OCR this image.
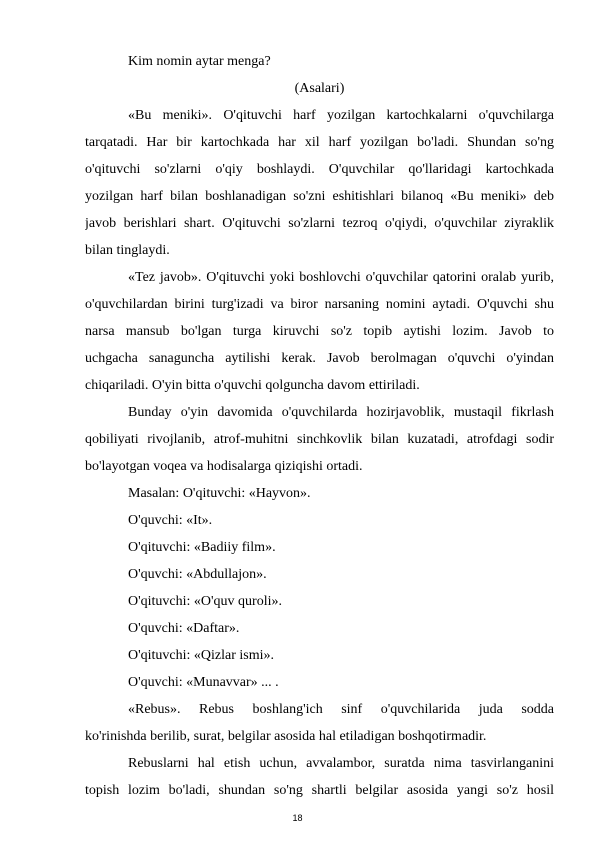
Kim nomin aytar menga?
(Asalari)
«Bu meniki». O'qituvchi harf yozilgan kartochkalarni o'quvchilarga
tarqatadi. Har bir kartochkada har xil harf yozilgan bo'ladi. Shundan so'ng
o'qituvchi so'zlarni o'qiy boshlaydi. O'quvchilar qo'llaridagi kartochkada
yozilgan harf bilan boshlanadigan so'zni eshitishlari bilanoq «Bu meniki» deb
javob berishlari shart. O'qituvchi so'zlarni tezroq o'qiydi, o'quvchilar ziyraklik
bilan tinglaydi.
«Tez javob». O'qituvchi yoki boshlovchi o'quvchilar qatorini oralab yurib,
o'quvchilardan birini turg'izadi va biror narsaning nomini aytadi. O'quvchi shu
narsa mansub bo'lgan turga kiruvchi so'z topib aytishi lozim. Javob to
uchgacha sanaguncha aytilishi kerak. Javob berolmagan o'quvchi o'yindan
chiqariladi. O'yin bitta o'quvchi qolguncha davom ettiriladi.
Bunday o'yin davomida o'quvchilarda hozirjavoblik, mustaqil fikrlash
qobiliyati rivojlanib, atrof-muhitni sinchkovlik bilan kuzatadi, atrofdagi sodir
bo'layotgan voqea va hodisalarga qiziqishi ortadi.
Masalan: O'qituvchi: «Hayvon».
O'quvchi: «It».
O'qituvchi: «Badiiy film».
O'quvchi: «Abdullajon».
O'qituvchi: «O'quv quroli».
O'quvchi: «Daftar».
O'qituvchi: «Qizlar ismi».
O'quvchi: «Munavvar» ... .
«Rebus». Rebus boshlang'ich sinf o'quvchilarida juda sodda
ko'rinishda berilib, surat, belgilar asosida hal etiladigan boshqotirmadir.
Rebuslarni hal etish uchun, avvalambor, suratda nima tasvirlanganini
topish lozim bo'ladi, shundan so'ng shartli belgilar asosida yangi so'z hosil
18
